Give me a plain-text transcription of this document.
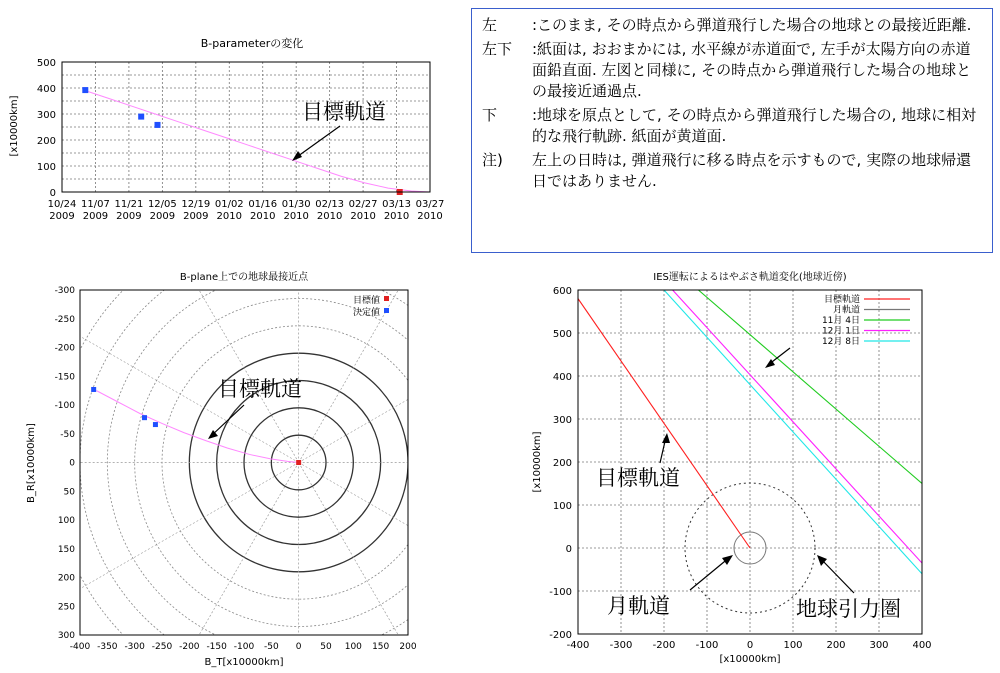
B-parameterの変化
[x10000km]
0
100
200
300
400
500
10/24
2009
11/07
2009
11/21
2009
12/05
2009
12/19
2009
01/02
2010
01/16
2010
01/30
2010
02/13
2010
02/27
2010
03/13
2010
03/27
2010
目標軌道
左	:このまま, その時点から弾道飛行した場合の地球との最接近距離.
左下	:紙面は, おおまかには, 水平線が赤道面で, 左手が太陽方向の赤道面鉛直面. 左図と同様に, その時点から弾道飛行した場合の地球との最接近通過点.
下	:地球を原点として, その時点から弾道飛行した場合の, 地球に相対的な飛行軌跡. 紙面が黄道面.
注)	左上の日時は, 弾道飛行に移る時点を示すもので, 実際の地球帰還日ではありません.
B-plane上での地球最接近点
B_T[x10000km]
B_R[x10000km]
-300
-250
-200
-150
-100
-50
0
50
100
150
200
250
300
-400 -350 -300 -250 -200 -150 -100 -50 0 50 100 150 200
目標値
決定値
目標軌道
IES運転によるはやぶさ軌道変化(地球近傍)
[x10000km]
[x10000km]
-200
-100
0
100
200
300
400
500
600
-400 -300 -200 -100	0	100 200 300 400
目標軌道
月軌道
11月 4日
12月 1日
12月 8日
目標軌道
月軌道	地球引力圏
